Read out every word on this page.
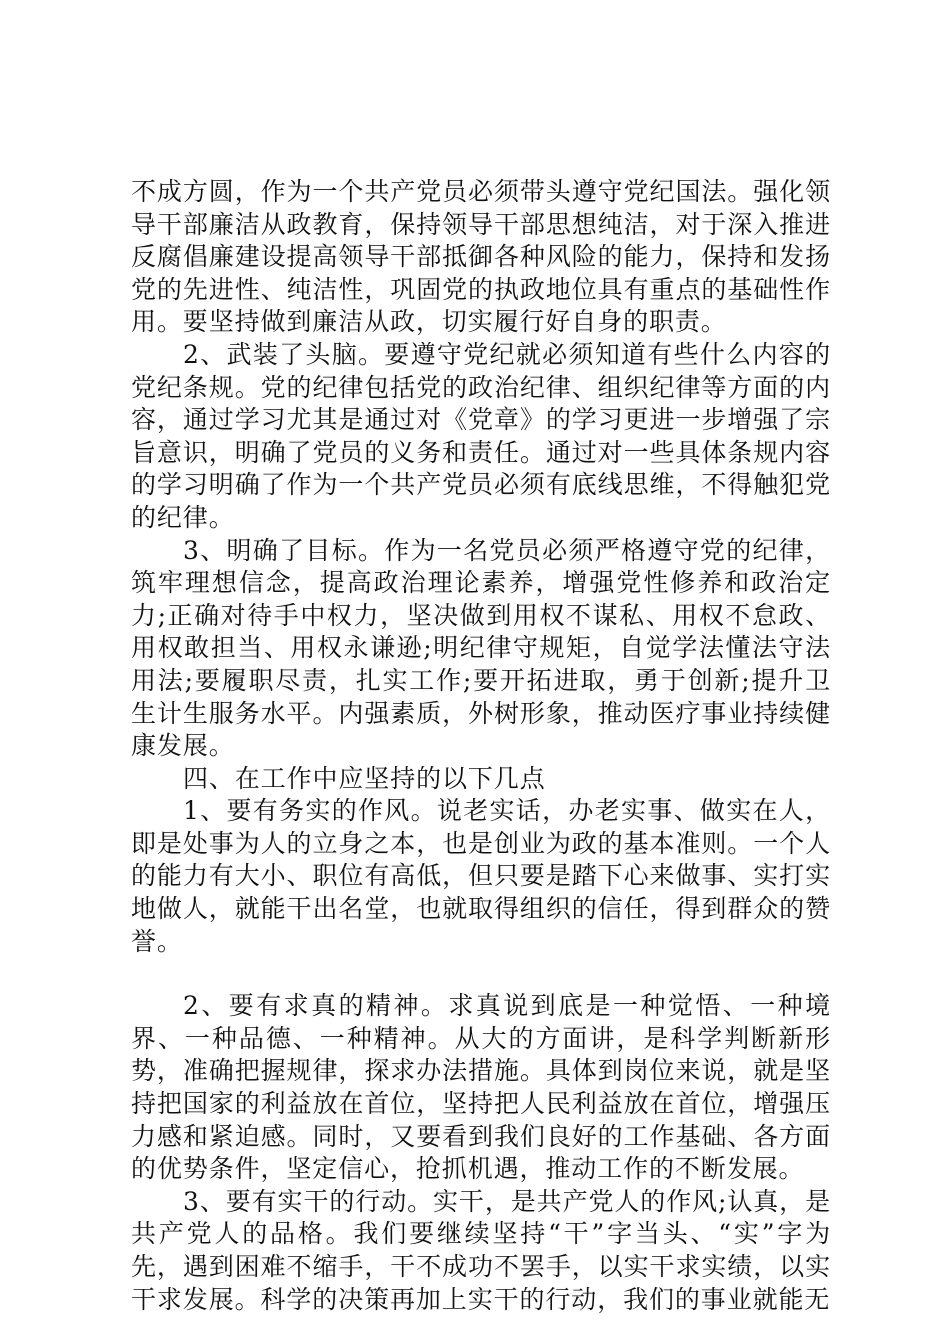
不成方圆，作为一个共产党员必须带头遵守党纪国法。强化领导干部廉洁从政教育，保持领导干部思想纯洁，对于深入推进反腐倡廉建设提高领导干部抵御各种风险的能力，保持和发扬党的先进性、纯洁性，巩固党的执政地位具有重点的基础性作用。要坚持做到廉洁从政，切实履行好自身的职责。

2、武装了头脑。要遵守党纪就必须知道有些什么内容的党纪条规。党的纪律包括党的政治纪律、组织纪律等方面的内容，通过学习尤其是通过对《党章》的学习更进一步增强了宗旨意识，明确了党员的义务和责任。通过对一些具体条规内容的学习明确了作为一个共产党员必须有底线思维，不得触犯党的纪律。

3、明确了目标。作为一名党员必须严格遵守党的纪律，筑牢理想信念，提高政治理论素养，增强党性修养和政治定力;正确对待手中权力，坚决做到用权不谋私、用权不怠政、用权敢担当、用权永谦逊;明纪律守规矩，自觉学法懂法守法用法;要履职尽责，扎实工作;要开拓进取，勇于创新;提升卫生计生服务水平。内强素质，外树形象，推动医疗事业持续健康发展。

四、在工作中应坚持的以下几点

1、要有务实的作风。说老实话，办老实事、做实在人，即是处事为人的立身之本，也是创业为政的基本准则。一个人的能力有大小、职位有高低，但只要是踏下心来做事、实打实地做人，就能干出名堂，也就取得组织的信任，得到群众的赞誉。

2、要有求真的精神。求真说到底是一种觉悟、一种境界、一种品德、一种精神。从大的方面讲，是科学判断新形势，准确把握规律，探求办法措施。具体到岗位来说，就是坚持把国家的利益放在首位，坚持把人民利益放在首位，增强压力感和紧迫感。同时，又要看到我们良好的工作基础、各方面的优势条件，坚定信心，抢抓机遇，推动工作的不断发展。

3、要有实干的行动。实干，是共产党人的作风;认真，是共产党人的品格。我们要继续坚持“干”字当头、“实”字为先，遇到困难不缩手，干不成功不罢手，以实干求实绩，以实干求发展。科学的决策再加上实干的行动，我们的事业就能无
